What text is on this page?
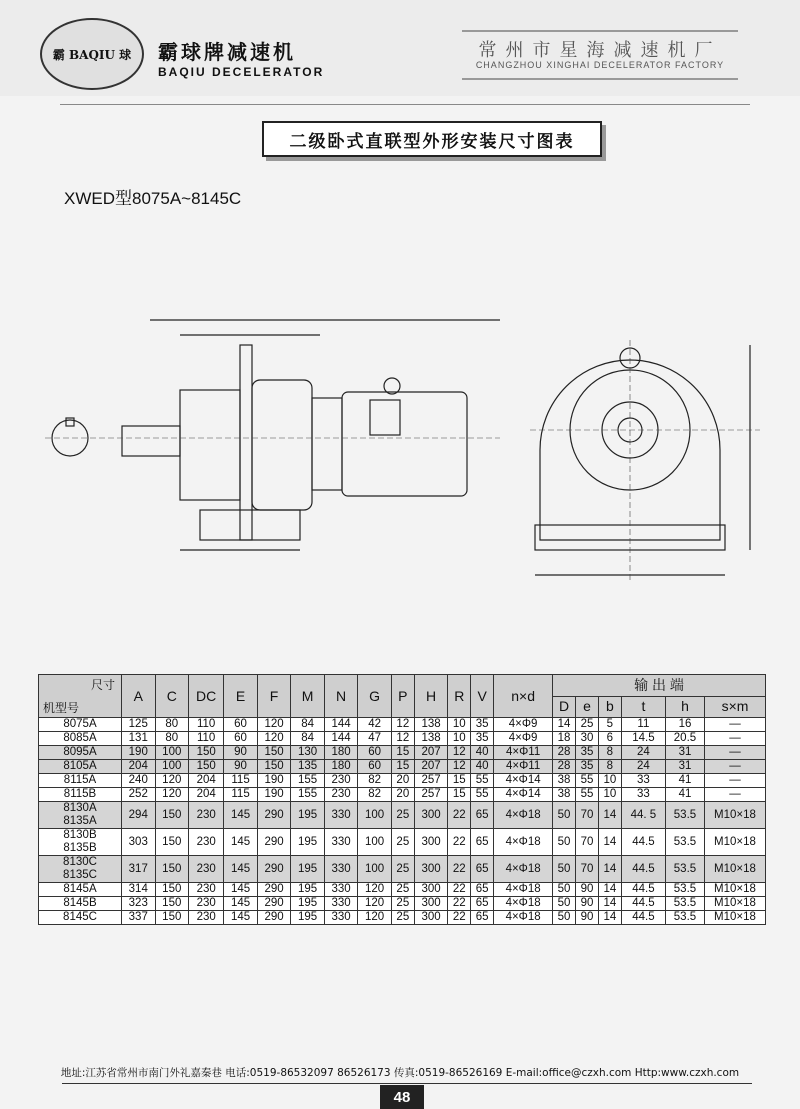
霸 BAQIU 球	霸球牌减速机
BAQIU DECELERATOR
常州市星海减速机厂
CHANGZHOU XINGHAI DECELERATOR FACTORY
二级卧式直联型外形安装尺寸图表
XWED型8075A~8145C
尺寸
机型号	A	C	DC	E	F	M	N	G	P	H	R	V	n×d	输 出 端					
														D	e	b	t	h	s×m

8075A	125	80	110	60	120	84	144	42	12	138	10	35	4×Φ9	14	25	5	11	16	—

8085A	131	80	110	60	120	84	144	47	12	138	10	35	4×Φ9	18	30	6	14.5	20.5	—

8095A	190	100	150	90	150	130	180	60	15	207	12	40	4×Φ11	28	35	8	24	31	—

8105A	204	100	150	90	150	135	180	60	15	207	12	40	4×Φ11	28	35	8	24	31	—

8115A	240	120	204	115	190	155	230	82	20	257	15	55	4×Φ14	38	55	10	33	41	—

8115B	252	120	204	115	190	155	230	82	20	257	15	55	4×Φ14	38	55	10	33	41	—

8130A
8135A	294	150	230	145	290	195	330	100	25	300	22	65	4×Φ18	50	70	14	44. 5	53.5	M10×18

8130B
8135B	303	150	230	145	290	195	330	100	25	300	22	65	4×Φ18	50	70	14	44.5	53.5	M10×18

8130C
8135C	317	150	230	145	290	195	330	100	25	300	22	65	4×Φ18	50	70	14	44.5	53.5	M10×18

8145A	314	150	230	145	290	195	330	120	25	300	22	65	4×Φ18	50	90	14	44.5	53.5	M10×18

8145B	323	150	230	145	290	195	330	120	25	300	22	65	4×Φ18	50	90	14	44.5	53.5	M10×18

8145C	337	150	230	145	290	195	330	120	25	300	22	65	4×Φ18	50	90	14	44.5	53.5	M10×18
地址:江苏省常州市南门外礼嘉秦巷 电话:0519-86532097 86526173 传真:0519-86526169 E-mail:office@czxh.com Http:www.czxh.com
48
